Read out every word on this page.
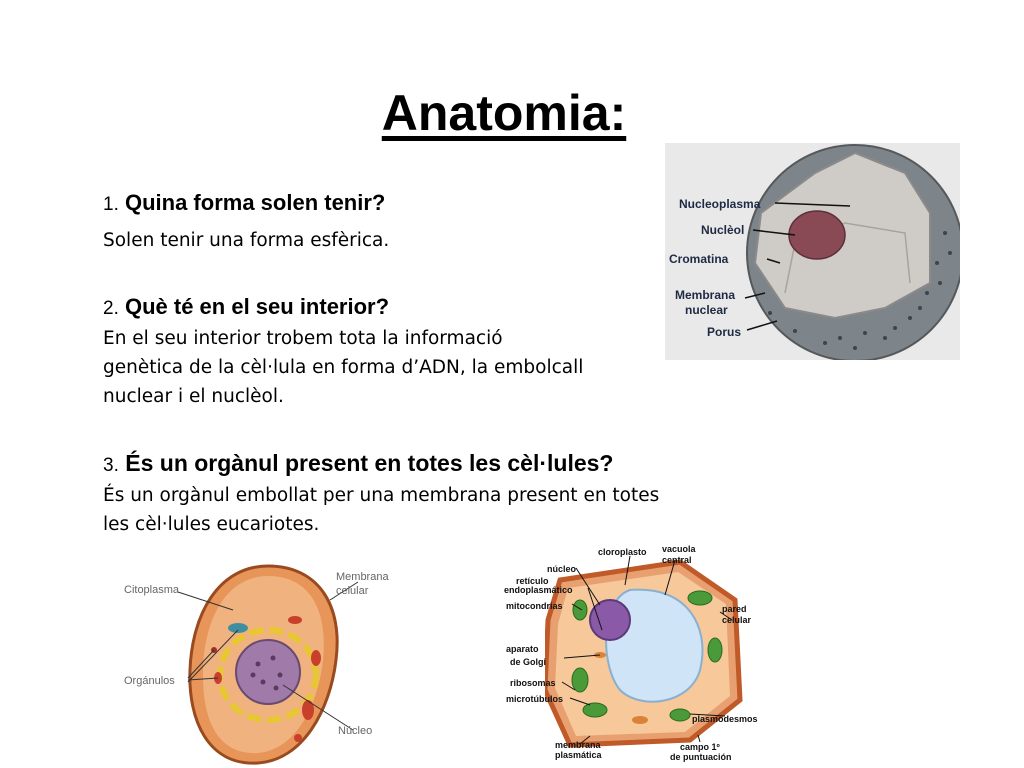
Anatomia:
1. Quina forma solen tenir?
Solen tenir una forma esfèrica.
2. Què té en el seu interior?
En el seu interior trobem tota la informació
genètica de la cèl·lula en forma d’ADN, la embolcall
nuclear i el nuclèol.
3. És un orgànul present en totes les cèl·lules?
És un orgànul embollat per una membrana present en totes
les cèl·lules eucariotes.
Nucleoplasma
Nuclèol
Cromatina
Membrana
nuclear
Porus
Citoplasma
Membrana
celular
Orgánulos
Núcleo
cloroplasto vacuola
central
núcleo
retículo
endoplasmático
mitocondrias	pared
celular
aparato
de Golgi
ribosomas
microtúbulos
plasmodesmos
membrana
plasmática
campo 1º
de puntuación
